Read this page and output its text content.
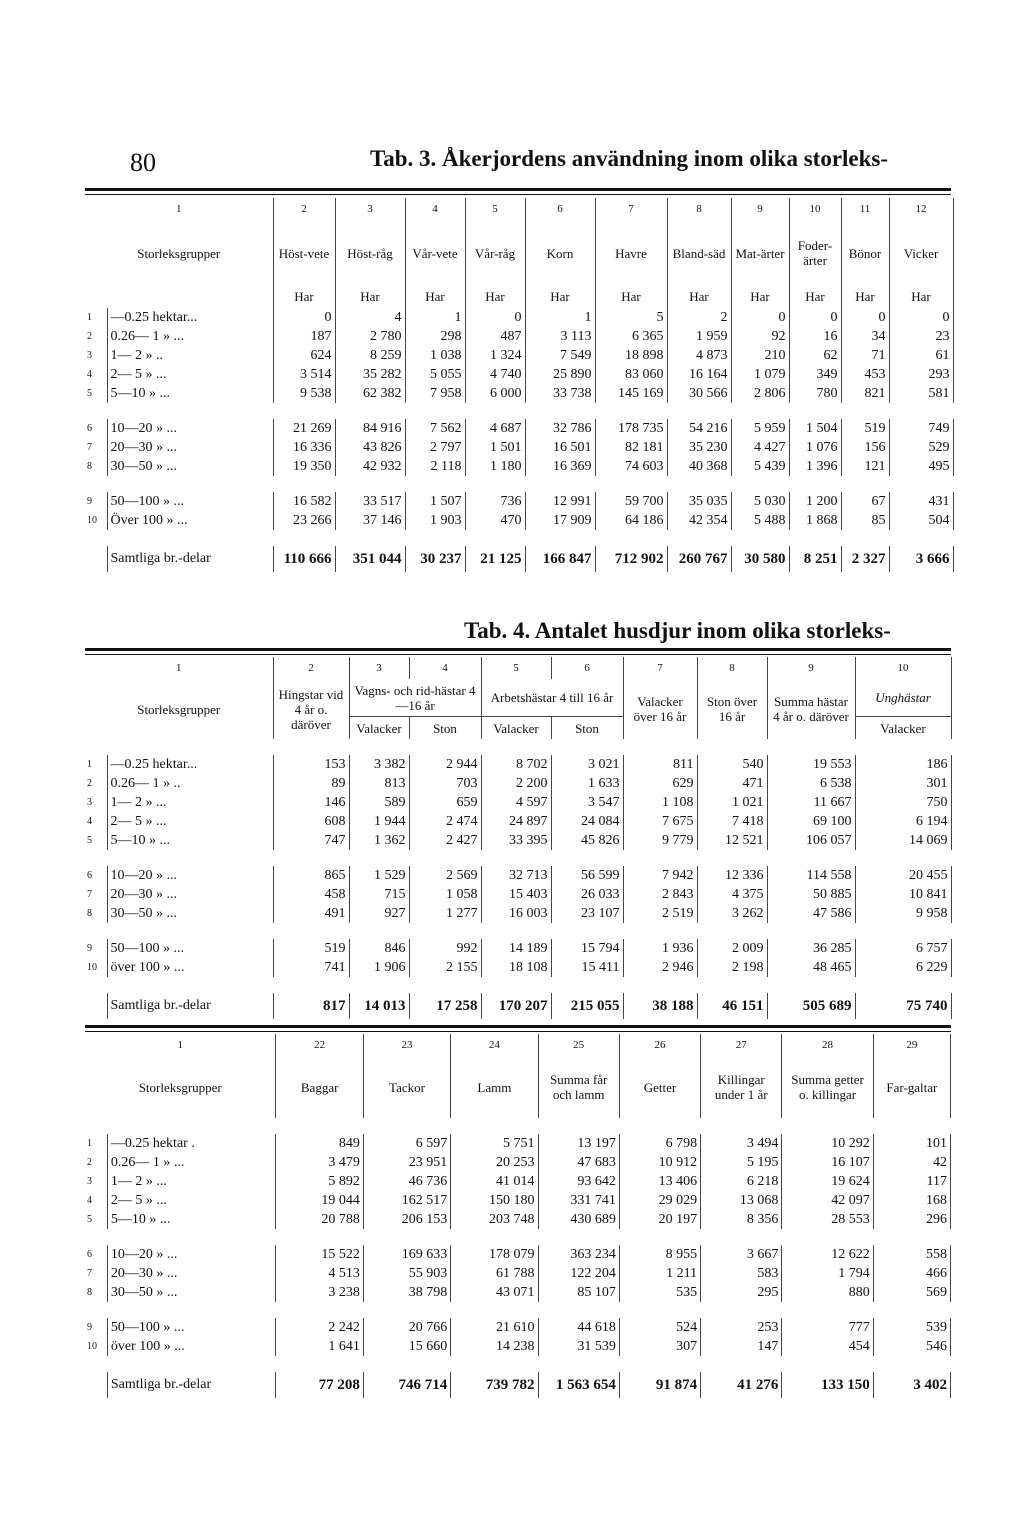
80	Tab. 3. Åkerjordens användning inom olika storleks-
1		2	3	4	5	6	7	8	9	10	11	12
Storleksgrupper		Höst-vete	Höst-råg	Vår-vete	Vår-råg	Korn	Havre	Bland-säd	Mat-ärter	Foder-ärter	Bönor	Vicker
		Har	Har	Har	Har	Har	Har	Har	Har	Har	Har	Har
1	—0.25 hektar...	0	4	1	0	1	5	2	0	0	0	0
2	0.26— 1 » ...	187	2 780	298	487	3 113	6 365	1 959	92	16	34	23
3	1— 2 » ..	624	8 259	1 038	1 324	7 549	18 898	4 873	210	62	71	61
4	2— 5 » ...	3 514	35 282	5 055	4 740	25 890	83 060	16 164	1 079	349	453	293
5	5—10 » ...	9 538	62 382	7 958	6 000	33 738	145 169	30 566	2 806	780	821	581

6	10—20 » ...	21 269	84 916	7 562	4 687	32 786	178 735	54 216	5 959	1 504	519	749
7	20—30 » ...	16 336	43 826	2 797	1 501	16 501	82 181	35 230	4 427	1 076	156	529
8	30—50 » ...	19 350	42 932	2 118	1 180	16 369	74 603	40 368	5 439	1 396	121	495

9	50—100 » ...	16 582	33 517	1 507	736	12 991	59 700	35 035	5 030	1 200	67	431
10	Över 100 » ...	23 266	37 146	1 903	470	17 909	64 186	42 354	5 488	1 868	85	504

	Samtliga br.-delar	110 666	351 044	30 237	21 125	166 847	712 902	260 767	30 580	8 251	2 327	3 666
Tab. 4. Antalet husdjur inom olika storleks-
1		2	3	4	5	6	7	8	9	10
Storleksgrupper		Hingstar vid 4 år o. däröver	Vagns- och rid-hästar 4—16 år		Arbetshästar 4 till 16 år		Valacker över 16 år	Ston över 16 år	Summa hästar 4 år o. däröver	Unghästar
			Valacker	Ston	Valacker	Ston				Valacker

1	—0.25 hektar...	153	3 382	2 944	8 702	3 021	811	540	19 553	186
2	0.26— 1 » ..	89	813	703	2 200	1 633	629	471	6 538	301
3	1— 2 » ...	146	589	659	4 597	3 547	1 108	1 021	11 667	750
4	2— 5 » ...	608	1 944	2 474	24 897	24 084	7 675	7 418	69 100	6 194
5	5—10 » ...	747	1 362	2 427	33 395	45 826	9 779	12 521	106 057	14 069

6	10—20 » ...	865	1 529	2 569	32 713	56 599	7 942	12 336	114 558	20 455
7	20—30 » ...	458	715	1 058	15 403	26 033	2 843	4 375	50 885	10 841
8	30—50 » ...	491	927	1 277	16 003	23 107	2 519	3 262	47 586	9 958

9	50—100 » ...	519	846	992	14 189	15 794	1 936	2 009	36 285	6 757
10	över 100 » ...	741	1 906	2 155	18 108	15 411	2 946	2 198	48 465	6 229

	Samtliga br.-delar	817	14 013	17 258	170 207	215 055	38 188	46 151	505 689	75 740
1		22	23	24	25	26	27	28	29
Storleksgrupper		Baggar	Tackor	Lamm	Summa får och lamm	Getter	Killingar under 1 år	Summa getter o. killingar	Far-galtar

1	—0.25 hektar .	849	6 597	5 751	13 197	6 798	3 494	10 292	101
2	0.26— 1 » ...	3 479	23 951	20 253	47 683	10 912	5 195	16 107	42
3	1— 2 » ...	5 892	46 736	41 014	93 642	13 406	6 218	19 624	117
4	2— 5 » ...	19 044	162 517	150 180	331 741	29 029	13 068	42 097	168
5	5—10 » ...	20 788	206 153	203 748	430 689	20 197	8 356	28 553	296

6	10—20 » ...	15 522	169 633	178 079	363 234	8 955	3 667	12 622	558
7	20—30 » ...	4 513	55 903	61 788	122 204	1 211	583	1 794	466
8	30—50 » ...	3 238	38 798	43 071	85 107	535	295	880	569

9	50—100 » ...	2 242	20 766	21 610	44 618	524	253	777	539
10	över 100 » ...	1 641	15 660	14 238	31 539	307	147	454	546

	Samtliga br.-delar	77 208	746 714	739 782	1 563 654	91 874	41 276	133 150	3 402
